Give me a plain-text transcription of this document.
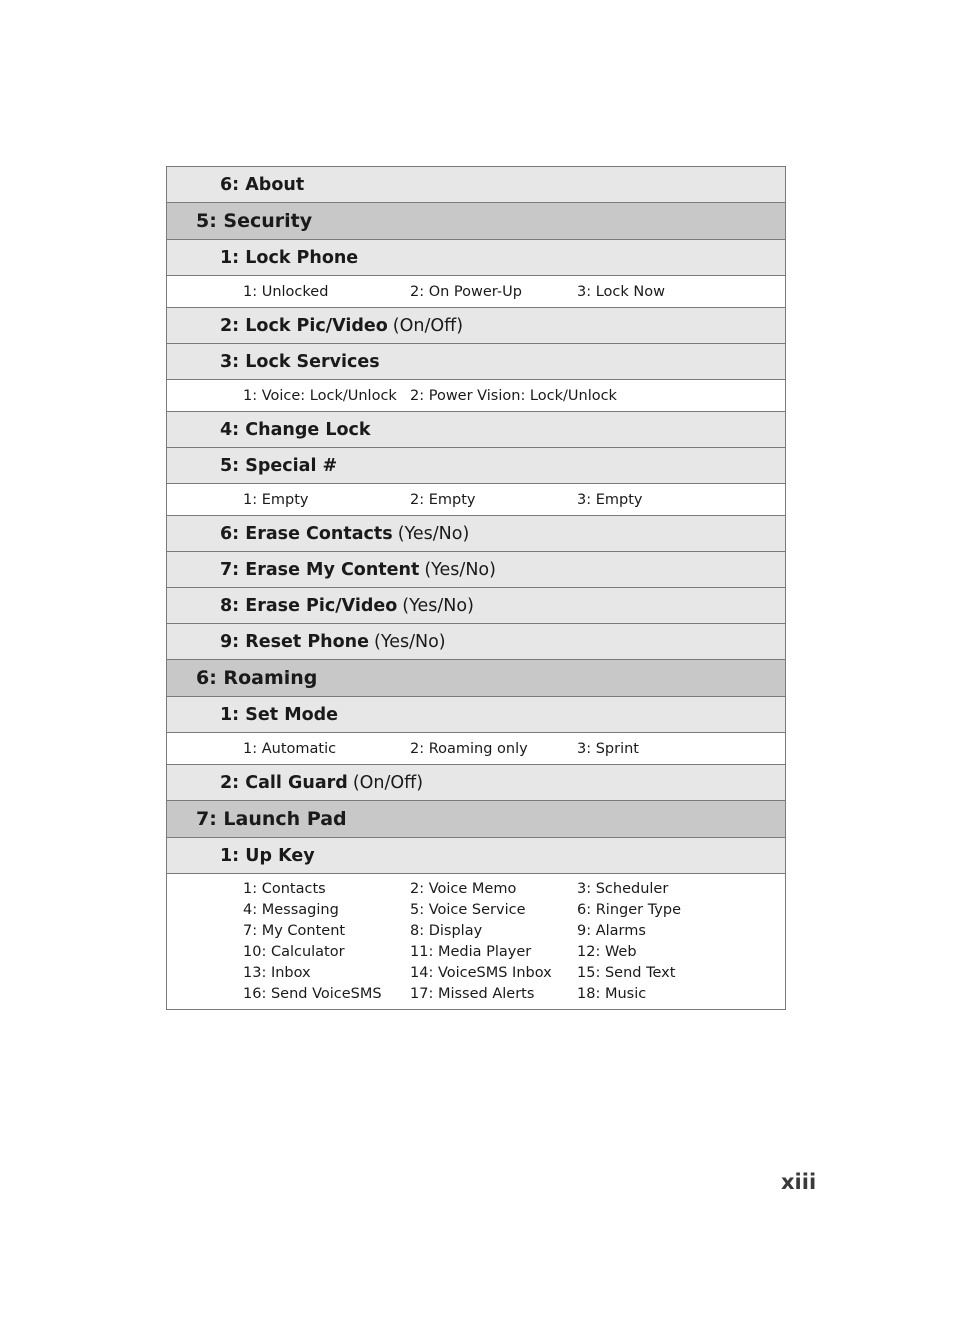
6: About
5: Security
1: Lock Phone
1: Unlocked	2: On Power-Up	3: Lock Now
2: Lock Pic/Video (On/Off)
3: Lock Services
1: Voice: Lock/Unlock 2: Power Vision: Lock/Unlock
4: Change Lock
5: Special #
1: Empty	2: Empty	3: Empty
6: Erase Contacts (Yes/No)
7: Erase My Content (Yes/No)
8: Erase Pic/Video (Yes/No)
9: Reset Phone (Yes/No)
6: Roaming
1: Set Mode
1: Automatic	2: Roaming only	3: Sprint
2: Call Guard (On/Off)
7: Launch Pad
1: Up Key
1: Contacts	2: Voice Memo	3: Scheduler
4: Messaging	5: Voice Service	6: Ringer Type
7: My Content	8: Display	9: Alarms
10: Calculator	11: Media Player	12: Web
13: Inbox	14: VoiceSMS Inbox	15: Send Text
16: Send VoiceSMS	17: Missed Alerts	18: Music
xiii
